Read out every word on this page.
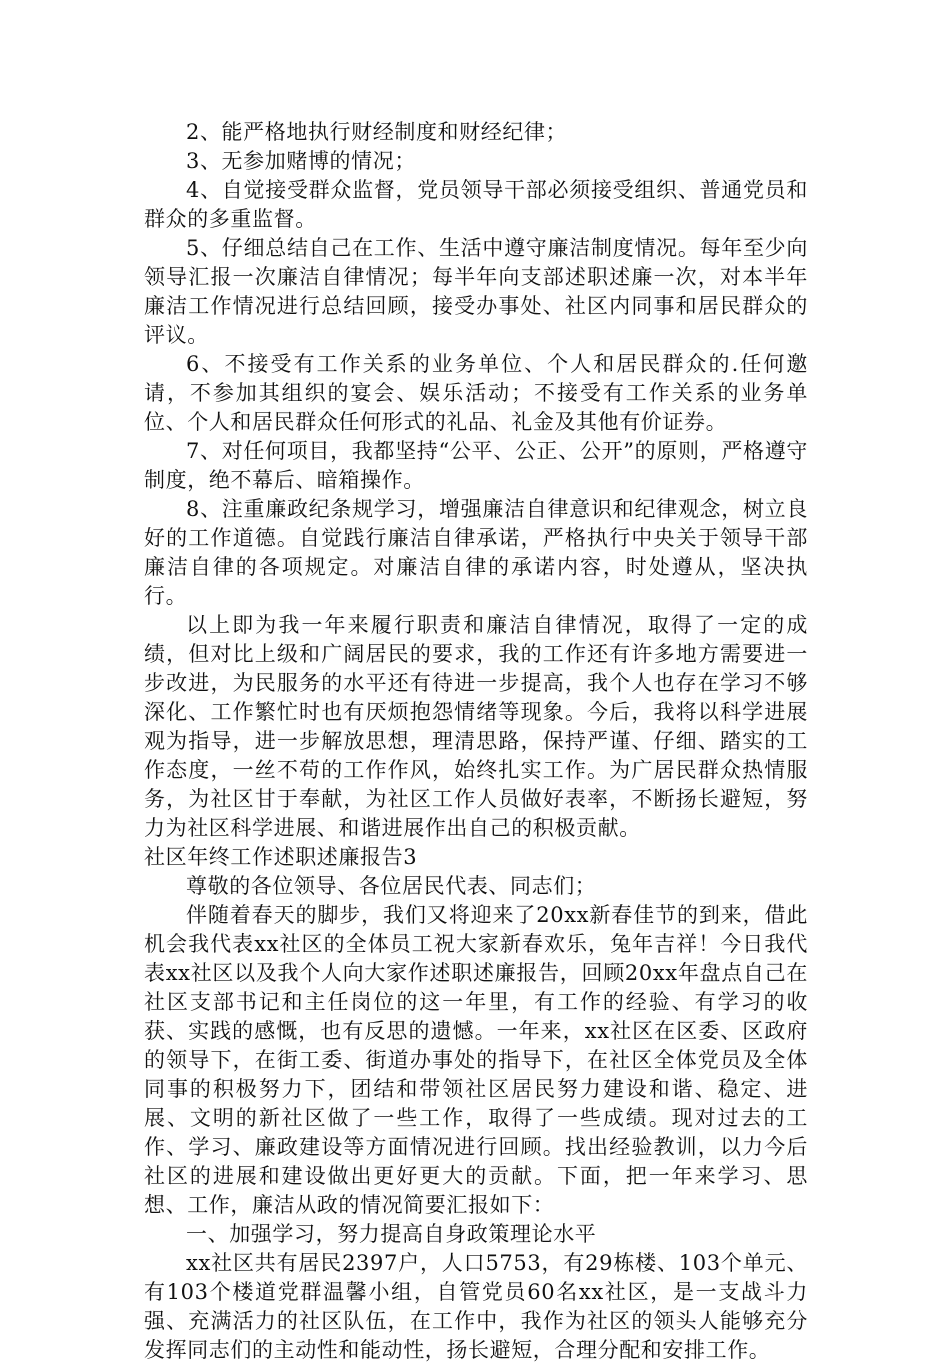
2、能严格地执行财经制度和财经纪律；

3、无参加赌博的情况；

4、自觉接受群众监督，党员领导干部必须接受组织、普通党员和群众的多重监督。

5、仔细总结自己在工作、生活中遵守廉洁制度情况。每年至少向领导汇报一次廉洁自律情况；每半年向支部述职述廉一次，对本半年廉洁工作情况进行总结回顾，接受办事处、社区内同事和居民群众的评议。

6、不接受有工作关系的业务单位、个人和居民群众的.任何邀请，不参加其组织的宴会、娱乐活动；不接受有工作关系的业务单位、个人和居民群众任何形式的礼品、礼金及其他有价证券。

7、对任何项目，我都坚持“公平、公正、公开”的原则，严格遵守制度，绝不幕后、暗箱操作。

8、注重廉政纪条规学习，增强廉洁自律意识和纪律观念，树立良好的工作道德。自觉践行廉洁自律承诺，严格执行中央关于领导干部廉洁自律的各项规定。对廉洁自律的承诺内容，时处遵从，坚决执行。

以上即为我一年来履行职责和廉洁自律情况，取得了一定的成绩，但对比上级和广阔居民的要求，我的工作还有许多地方需要进一步改进，为民服务的水平还有待进一步提高，我个人也存在学习不够深化、工作繁忙时也有厌烦抱怨情绪等现象。今后，我将以科学进展观为指导，进一步解放思想，理清思路，保持严谨、仔细、踏实的工作态度，一丝不苟的工作作风，始终扎实工作。为广居民群众热情服务，为社区甘于奉献，为社区工作人员做好表率，不断扬长避短，努力为社区科学进展、和谐进展作出自己的积极贡献。

社区年终工作述职述廉报告3

尊敬的各位领导、各位居民代表、同志们；

伴随着春天的脚步，我们又将迎来了20xx新春佳节的到来，借此机会我代表xx社区的全体员工祝大家新春欢乐，兔年吉祥！今日我代表xx社区以及我个人向大家作述职述廉报告，回顾20xx年盘点自己在社区支部书记和主任岗位的这一年里，有工作的经验、有学习的收获、实践的感慨，也有反思的遗憾。一年来，xx社区在区委、区政府的领导下，在街工委、街道办事处的指导下，在社区全体党员及全体同事的积极努力下，团结和带领社区居民努力建设和谐、稳定、进展、文明的新社区做了一些工作，取得了一些成绩。现对过去的工作、学习、廉政建设等方面情况进行回顾。找出经验教训，以力今后社区的进展和建设做出更好更大的贡献。下面，把一年来学习、思想、工作，廉洁从政的情况简要汇报如下：

一、加强学习，努力提高自身政策理论水平

xx社区共有居民2397户，人口5753，有29栋楼、103个单元、有103个楼道党群温馨小组，自管党员60名xx社区，是一支战斗力强、充满活力的社区队伍，在工作中，我作为社区的领头人能够充分发挥同志们的主动性和能动性，扬长避短，合理分配和安排工作。
